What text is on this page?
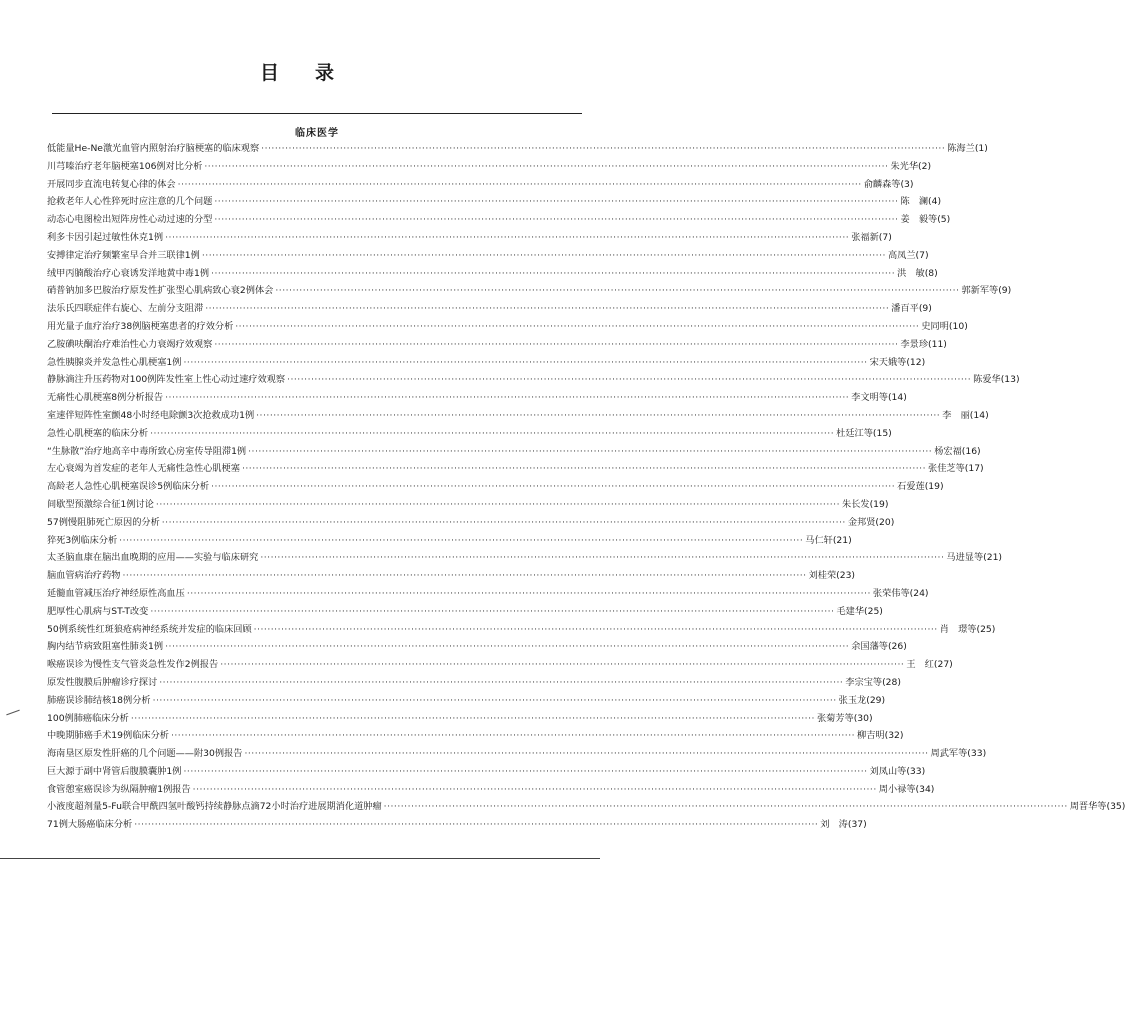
目录
临床医学
低能量He-Ne激光血管内照射治疗脑梗塞的临床观察 ········································································································································································································ 陈海兰 (1)
川芎嗪治疗老年脑梗塞106例对比分析 ········································································································································································································ 朱光华 (2)
开展同步直流电转复心律的体会 ········································································································································································································ 俞麟森等 (3)
抢救老年人心性猝死时应注意的几个问题 ········································································································································································································ 陈　澜 (4)
动态心电图检出短阵房性心动过速的分型 ········································································································································································································ 姜　毅等 (5)
利多卡因引起过敏性休克1例 ········································································································································································································ 张福新 (7)
安搏律定治疗频繁室早合并三联律1例 ········································································································································································································ 高凤兰 (7)
绒甲丙腩酸治疗心衰诱发洋地黄中毒1例 ········································································································································································································ 洪　敏 (8)
硝普钠加多巴胺治疗原发性扩张型心肌病致心衰2例体会 ········································································································································································································ 郭新军等 (9)
法乐氏四联症伴右旋心、左前分支阻滞 ········································································································································································································ 潘百平 (9)
用光量子血疗治疗38例脑梗塞患者的疗效分析 ········································································································································································································ 史同明 (10)
乙胺碘呋酮治疗难治性心力衰竭疗效观察 ········································································································································································································ 李景珍 (11)
急性胰腺炎并发急性心肌梗塞1例 ········································································································································································································ 宋天娥等 (12)
静脉滴注升压药物对100例阵发性室上性心动过速疗效观察 ········································································································································································································ 陈爱华 (13)
无痛性心肌梗塞8例分析报告 ········································································································································································································ 李文明等 (14)
室速伴短阵性室颤48小时经电除颤3次抢救成功1例 ········································································································································································································ 李　丽 (14)
急性心肌梗塞的临床分析 ········································································································································································································ 杜廷江等 (15)
“生脉散”治疗地高辛中毒所致心房室传导阻滞1例 ········································································································································································································ 杨宏福 (16)
左心衰竭为首发症的老年人无痛性急性心肌梗塞 ········································································································································································································ 张佳芝等 (17)
高龄老人急性心肌梗塞误诊5例临床分析 ········································································································································································································ 石爱莲 (19)
间歇型预激综合征1例讨论 ········································································································································································································ 朱长发 (19)
57例慢阻肺死亡原因的分析 ········································································································································································································ 金邦贤 (20)
猝死3例临床分析 ········································································································································································································ 马仁轩 (21)
太圣脑血康在脑出血晚期的应用——实验与临床研究 ········································································································································································································ 马进显等 (21)
脑血管病治疗药物 ········································································································································································································ 刘桂荣 (23)
延髓血管减压治疗神经原性高血压 ········································································································································································································ 张荣伟等 (24)
肥厚性心肌病与ST-T改变 ········································································································································································································ 毛建华 (25)
50例系统性红斑狼疮病神经系统并发症的临床回顾 ········································································································································································································ 肖　璟等 (25)
胸内结节病致阻塞性肺炎1例 ········································································································································································································ 余国藩等 (26)
喉癌误诊为慢性支气管炎急性发作2例报告 ········································································································································································································ 王　红 (27)
原发性腹膜后肿瘤诊疗探讨 ········································································································································································································ 李宗宝等 (28)
肺癌误诊肺结核18例分析 ········································································································································································································ 张玉龙 (29)
100例肺癌临床分析 ········································································································································································································ 张菊芳等 (30)
中晚期肺癌手术19例临床分析 ········································································································································································································ 柳吉明 (32)
海南垦区原发性肝癌的几个问题——附30例报告 ········································································································································································································ 周武军等 (33)
巨大源于副中肾管后腹膜囊肿1例 ········································································································································································································ 刘凤山等 (33)
食管憩室癌误诊为纵隔肿瘤1例报告 ········································································································································································································ 周小禄等 (34)
小液度超剂量5-Fu联合甲酰四氢叶酸钙持续静脉点滴72小时治疗进展期消化道肿瘤 ········································································································································································································ 周晋华等 (35)
71例大肠癌临床分析 ········································································································································································································ 刘　涛 (37)
